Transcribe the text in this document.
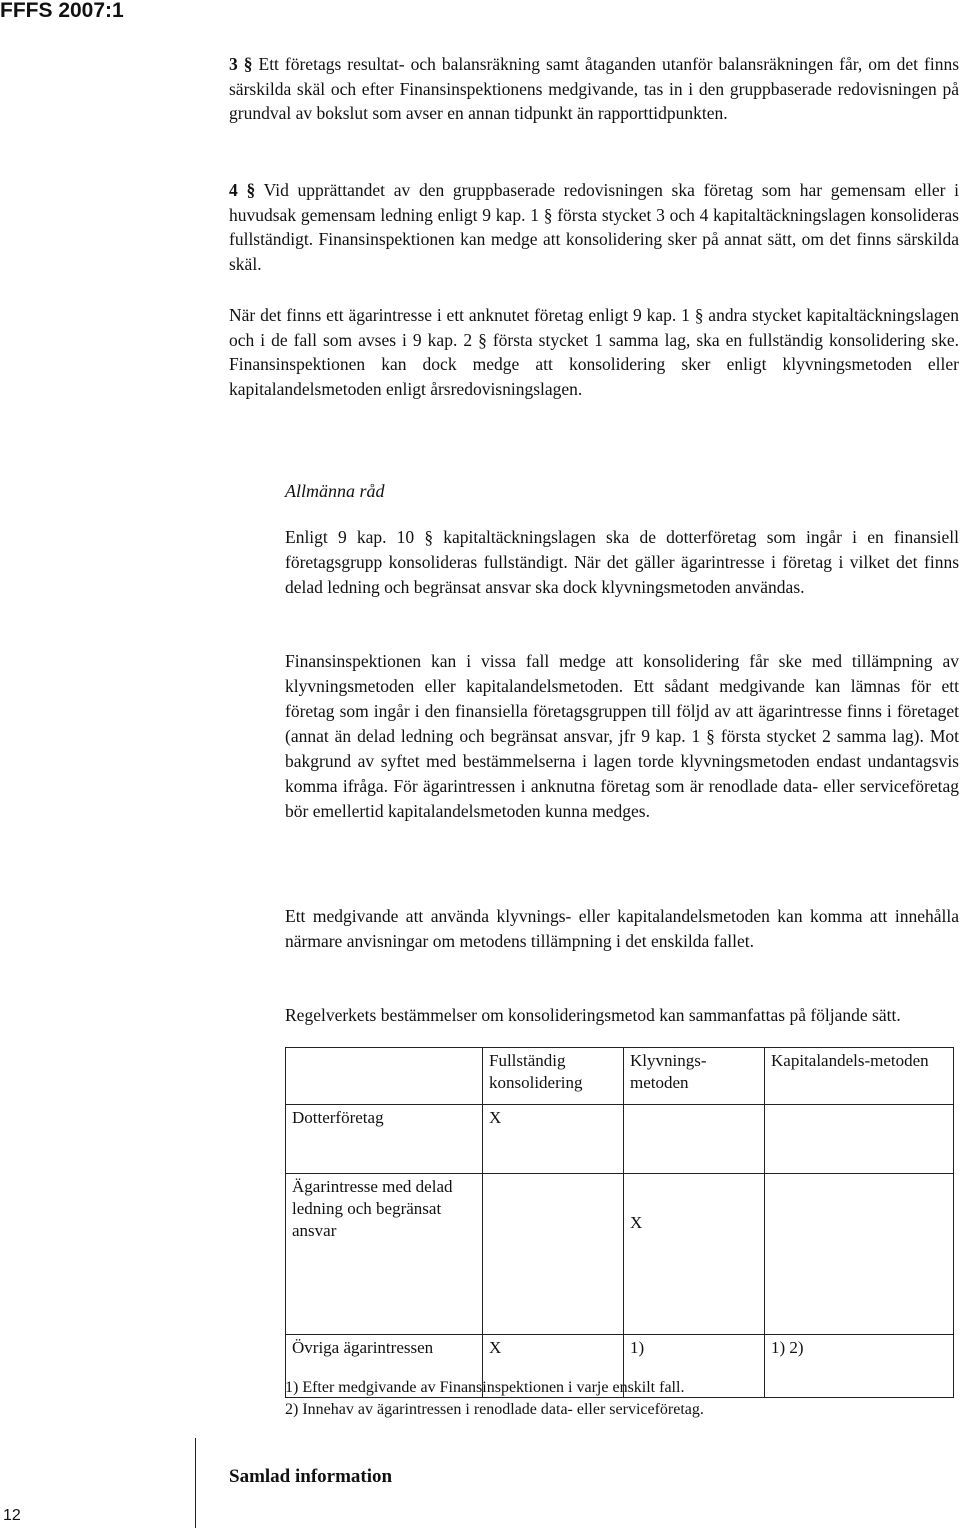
FFFS 2007:1

3 § Ett företags resultat- och balansräkning samt åtaganden utanför balansräkningen får, om det finns särskilda skäl och efter Finansinspektionens medgivande, tas in i den gruppbaserade redovisningen på grundval av bokslut som avser en annan tidpunkt än rapporttidpunkten.

4 § Vid upprättandet av den gruppbaserade redovisningen ska företag som har gemensam eller i huvudsak gemensam ledning enligt 9 kap. 1 § första stycket 3 och 4 kapitaltäckningslagen konsolideras fullständigt. Finansinspektionen kan medge att konsolidering sker på annat sätt, om det finns särskilda skäl.

När det finns ett ägarintresse i ett anknutet företag enligt 9 kap. 1 § andra stycket kapitaltäckningslagen och i de fall som avses i 9 kap. 2 § första stycket 1 samma lag, ska en fullständig konsolidering ske. Finansinspektionen kan dock medge att konsolidering sker enligt klyvningsmetoden eller kapitalandelsmetoden enligt årsredovisningslagen.

Allmänna råd

Enligt 9 kap. 10 § kapitaltäckningslagen ska de dotterföretag som ingår i en finansiell företagsgrupp konsolideras fullständigt. När det gäller ägarintresse i företag i vilket det finns delad ledning och begränsat ansvar ska dock klyvningsmetoden användas.

Finansinspektionen kan i vissa fall medge att konsolidering får ske med tillämpning av klyvningsmetoden eller kapitalandelsmetoden. Ett sådant medgivande kan lämnas för ett företag som ingår i den finansiella företagsgruppen till följd av att ägarintresse finns i företaget (annat än delad ledning och begränsat ansvar, jfr 9 kap. 1 § första stycket 2 samma lag). Mot bakgrund av syftet med bestämmelserna i lagen torde klyvningsmetoden endast undantagsvis komma ifråga. För ägarintressen i anknutna företag som är renodlade data- eller serviceföretag bör emellertid kapitalandelsmetoden kunna medges.

Ett medgivande att använda klyvnings- eller kapitalandelsmetoden kan komma att innehålla närmare anvisningar om metodens tillämpning i det enskilda fallet.

Regelverkets bestämmelser om konsolideringsmetod kan sammanfattas på följande sätt.

	Fullständig konsolidering	Klyvnings-metoden	Kapitalandels-metoden
Dotterföretag	X		
Ägarintresse med delad ledning och begränsat ansvar		X	
Övriga ägarintressen	X	1)	1) 2)
1) Efter medgivande av Finansinspektionen i varje enskilt fall.
2) Innehav av ägarintressen i renodlade data- eller serviceföretag.
Samlad information
12
